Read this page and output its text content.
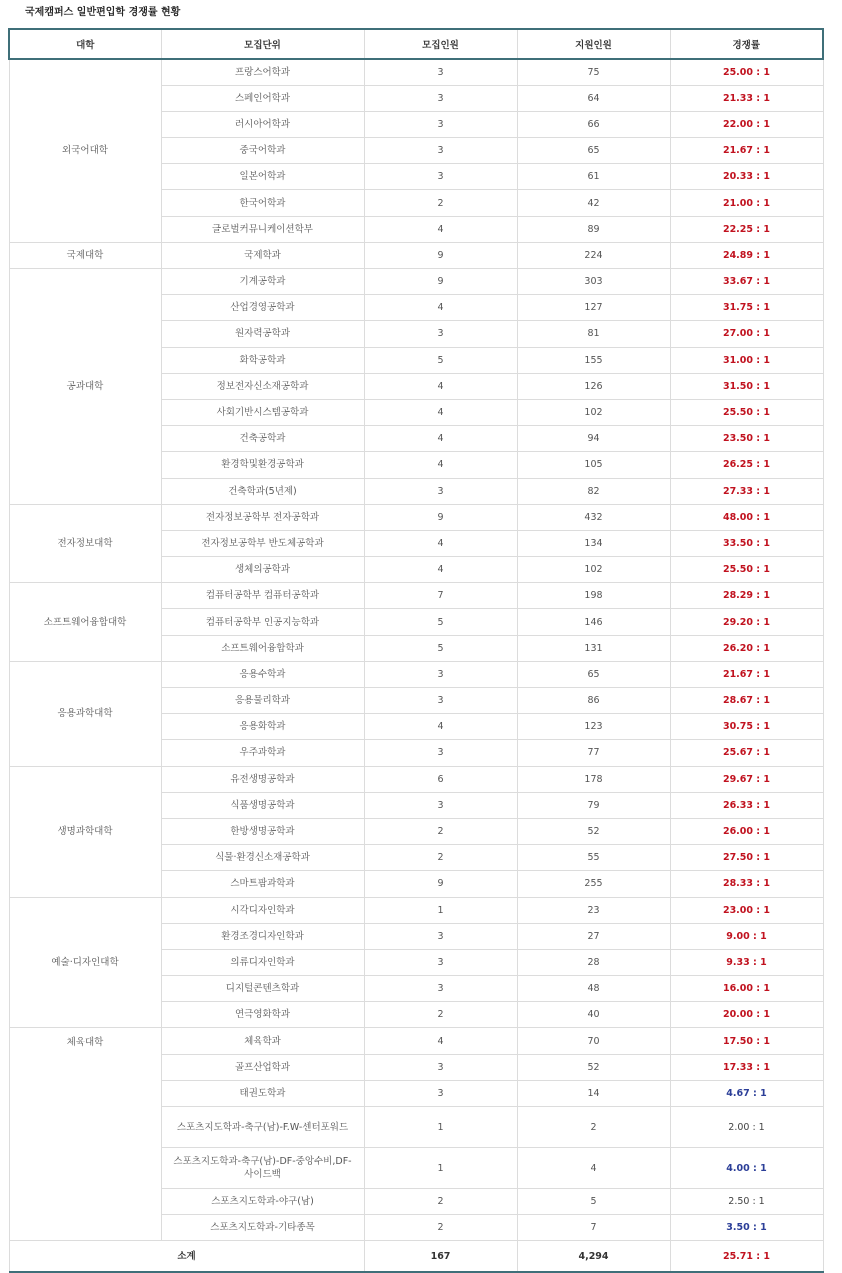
국제캠퍼스 일반편입학 경쟁률 현황
대학	모집단위	모집인원	지원인원	경쟁률
외국어대학	프랑스어학과	3	75	25.00 : 1
	스페인어학과	3	64	21.33 : 1
	러시아어학과	3	66	22.00 : 1
	중국어학과	3	65	21.67 : 1
	일본어학과	3	61	20.33 : 1
	한국어학과	2	42	21.00 : 1
	글로벌커뮤니케이션학부	4	89	22.25 : 1
국제대학	국제학과	9	224	24.89 : 1
공과대학	기계공학과	9	303	33.67 : 1
	산업경영공학과	4	127	31.75 : 1
	원자력공학과	3	81	27.00 : 1
	화학공학과	5	155	31.00 : 1
	정보전자신소재공학과	4	126	31.50 : 1
	사회기반시스템공학과	4	102	25.50 : 1
	건축공학과	4	94	23.50 : 1
	환경학및환경공학과	4	105	26.25 : 1
	건축학과(5년제)	3	82	27.33 : 1
전자정보대학	전자정보공학부 전자공학과	9	432	48.00 : 1
	전자정보공학부 반도체공학과	4	134	33.50 : 1
	생체의공학과	4	102	25.50 : 1
소프트웨어융합대학	컴퓨터공학부 컴퓨터공학과	7	198	28.29 : 1
	컴퓨터공학부 인공지능학과	5	146	29.20 : 1
	소프트웨어융합학과	5	131	26.20 : 1
응용과학대학	응용수학과	3	65	21.67 : 1
	응용물리학과	3	86	28.67 : 1
	응용화학과	4	123	30.75 : 1
	우주과학과	3	77	25.67 : 1
생명과학대학	유전생명공학과	6	178	29.67 : 1
	식품생명공학과	3	79	26.33 : 1
	한방생명공학과	2	52	26.00 : 1
	식물·환경신소재공학과	2	55	27.50 : 1
	스마트팜과학과	9	255	28.33 : 1
예술·디자인대학	시각디자인학과	1	23	23.00 : 1
	환경조경디자인학과	3	27	9.00 : 1
	의류디자인학과	3	28	9.33 : 1
	디지털콘텐츠학과	3	48	16.00 : 1
	연극영화학과	2	40	20.00 : 1
체육대학	체육학과	4	70	17.50 : 1
	골프산업학과	3	52	17.33 : 1
	태권도학과	3	14	4.67 : 1
	스포츠지도학과-축구(남)-F.W-센터포워드	1	2	2.00 : 1
	스포츠지도학과-축구(남)-DF-중앙수비,DF-사이드백	1	4	4.00 : 1
	스포츠지도학과-야구(남)	2	5	2.50 : 1
	스포츠지도학과-기타종목	2	7	3.50 : 1
소계		167	4,294	25.71 : 1
